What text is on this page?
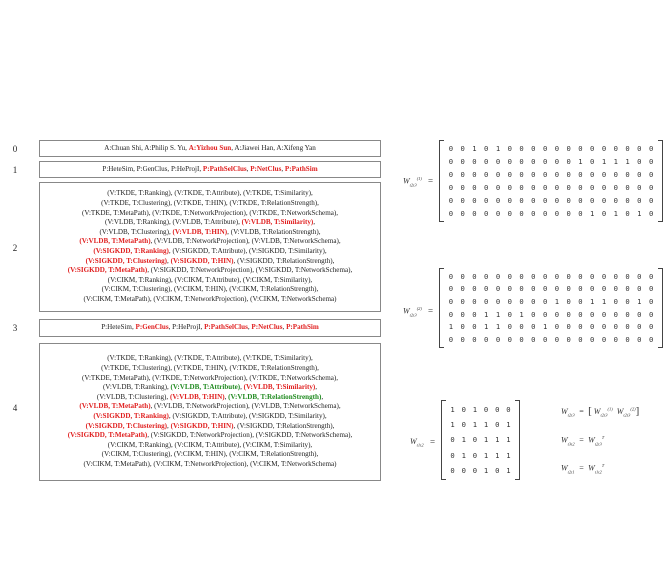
0	A:Chuan Shi, A:Philip S. Yu, A:Yizhou Sun, A:Jiawei Han, A:Xifeng Yan
1	P:HeteSim, P:GenClus, P:HeProjI, P:PathSelClus, P:NetClus, P:PathSim
2
(V:TKDE, T:Ranking), (V:TKDE, T:Attribute), (V:TKDE, T:Similarity),
(V:TKDE, T:Clustering), (V:TKDE, T:HIN), (V:TKDE, T:RelationStrength),
(V:TKDE, T:MetaPath), (V:TKDE, T:NetworkProjection), (V:TKDE, T:NetworkSchema),
(V:VLDB, T:Ranking), (V:VLDB, T:Attribute), (V:VLDB, T:Similarity),
(V:VLDB, T:Clustering), (V:VLDB, T:HIN), (V:VLDB, T:RelationStrength),
(V:VLDB, T:MetaPath), (V:VLDB, T:NetworkProjection), (V:VLDB, T:NetworkSchema),
(V:SIGKDD, T:Ranking), (V:SIGKDD, T:Attribute), (V:SIGKDD, T:Similarity),
(V:SIGKDD, T:Clustering), (V:SIGKDD, T:HIN), (V:SIGKDD, T:RelationStrength),
(V:SIGKDD, T:MetaPath), (V:SIGKDD, T:NetworkProjection), (V:SIGKDD, T:NetworkSchema),
(V:CIKM, T:Ranking), (V:CIKM, T:Attribute), (V:CIKM, T:Similarity),
(V:CIKM, T:Clustering), (V:CIKM, T:HIN), (V:CIKM, T:RelationStrength),
(V:CIKM, T:MetaPath), (V:CIKM, T:NetworkProjection), (V:CIKM, T:NetworkSchema)
3	P:HeteSim, P:GenClus, P:HeProjI, P:PathSelClus, P:NetClus, P:PathSim
4
(V:TKDE, T:Ranking), (V:TKDE, T:Attribute), (V:TKDE, T:Similarity),
(V:TKDE, T:Clustering), (V:TKDE, T:HIN), (V:TKDE, T:RelationStrength),
(V:TKDE, T:MetaPath), (V:TKDE, T:NetworkProjection), (V:TKDE, T:NetworkSchema),
(V:VLDB, T:Ranking), (V:VLDB, T:Attribute), (V:VLDB, T:Similarity),
(V:VLDB, T:Clustering), (V:VLDB, T:HIN), (V:VLDB, T:RelationStrength),
(V:VLDB, T:MetaPath), (V:VLDB, T:NetworkProjection), (V:VLDB, T:NetworkSchema),
(V:SIGKDD, T:Ranking), (V:SIGKDD, T:Attribute), (V:SIGKDD, T:Similarity),
(V:SIGKDD, T:Clustering), (V:SIGKDD, T:HIN), (V:SIGKDD, T:RelationStrength),
(V:SIGKDD, T:MetaPath), (V:SIGKDD, T:NetworkProjection), (V:SIGKDD, T:NetworkSchema),
(V:CIKM, T:Ranking), (V:CIKM, T:Attribute), (V:CIKM, T:Similarity),
(V:CIKM, T:Clustering), (V:CIKM, T:HIN), (V:CIKM, T:RelationStrength),
(V:CIKM, T:MetaPath), (V:CIKM, T:NetworkProjection), (V:CIKM, T:NetworkSchema)
$W_{t2t3}^{(1)}$ =
0	0	1	0	1	0	0	0	0	0	0	0	0	0	0	0	0	0
0	0	0	0	0	0	0	0	0	0	0	1	0	1	1	1	0	0
0	0	0	0	0	0	0	0	0	0	0	0	0	0	0	0	0	0
0	0	0	0	0	0	0	0	0	0	0	0	0	0	0	0	0	0
0	0	0	0	0	0	0	0	0	0	0	0	0	0	0	0	0	0
0	0	0	0	0	0	0	0	0	0	0	0	1	0	1	0	1	0
$W_{t2t3}^{(2)}$ =
0	0	0	0	0	0	0	0	0	0	0	0	0	0	0	0	0	0
0	0	0	0	0	0	0	0	0	0	0	0	0	0	0	0	0	0
0	0	0	0	0	0	0	0	0	1	0	0	1	1	0	0	1	0
0	0	0	1	1	0	1	0	0	0	0	0	0	0	0	0	0	0
1	0	0	1	1	0	0	0	1	0	0	0	0	0	0	0	0	0
0	0	0	0	0	0	0	0	0	0	0	0	0	0	0	0	0	0
$W_{t1t2}$ =
1 0 1 0 0 0
1 0 1 1 0 1
0 1 0 1 1 1
0 1 0 1 1 1
0 0 0 1 0 1
$W_{t2t3}$  =  [ $W_{t2t3}^{(1)}$ $W_{t2t3}^{(2)}$]
$W_{t3t2} = W_{t2t3}^T$
$W_{t2t1} = W_{t1t2}^T$
